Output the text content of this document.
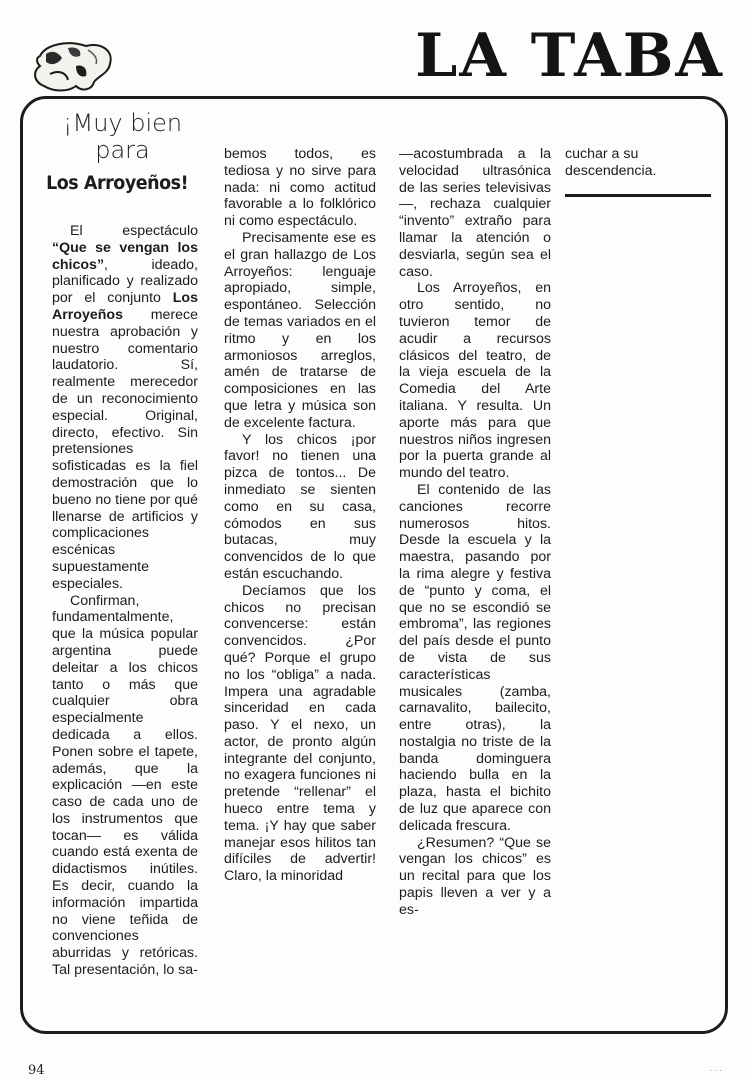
LA TABA

¡Muy bien para

Los Arroyeños!

El espectáculo “Que se vengan los chicos”, ideado, planificado y realizado por el conjunto Los Arroyeños merece nuestra aprobación y nuestro comentario laudatorio. Sí, realmente merecedor de un reconocimiento especial. Original, directo, efectivo. Sin pretensiones sofisticadas es la fiel demostración que lo bueno no tiene por qué llenarse de artificios y complicaciones escénicas supuestamente especiales.

Confirman, fundamentalmente, que la música popular argentina puede deleitar a los chicos tanto o más que cualquier obra especialmente dedicada a ellos. Ponen sobre el tapete, además, que la explicación —en este caso de cada uno de los instrumentos que tocan— es válida cuando está exenta de didactismos inútiles. Es decir, cuando la información impartida no viene teñida de convenciones aburridas y retóricas. Tal presentación, lo sa-

bemos todos, es tediosa y no sirve para nada: ni como actitud favorable a lo folklórico ni como espectáculo.

Precisamente ese es el gran hallazgo de Los Arroyeños: lenguaje apropiado, simple, espontáneo. Selección de temas variados en el ritmo y en los armoniosos arreglos, amén de tratarse de composiciones en las que letra y música son de excelente factura.

Y los chicos ¡por favor! no tienen una pizca de tontos... De inmediato se sienten como en su casa, cómodos en sus butacas, muy convencidos de lo que están escuchando.

Decíamos que los chicos no precisan convencerse: están convencidos. ¿Por qué? Porque el grupo no los “obliga” a nada. Impera una agradable sinceridad en cada paso. Y el nexo, un actor, de pronto algún integrante del conjunto, no exagera funciones ni pretende “rellenar” el hueco entre tema y tema. ¡Y hay que saber manejar esos hilitos tan difíciles de advertir! Claro, la minoridad

—acostumbrada a la velocidad ultrasónica de las series televisivas—, rechaza cualquier “invento” extraño para llamar la atención o desviarla, según sea el caso.

Los Arroyeños, en otro sentido, no tuvieron temor de acudir a recursos clásicos del teatro, de la vieja escuela de la Comedia del Arte italiana. Y resulta. Un aporte más para que nuestros niños ingresen por la puerta grande al mundo del teatro.

El contenido de las canciones recorre numerosos hitos. Desde la escuela y la maestra, pasando por la rima alegre y festiva de “punto y coma, el que no se escondió se embroma”, las regiones del país desde el punto de vista de sus características musicales (zamba, carnavalito, bailecito, entre otras), la nostalgia no triste de la banda dominguera haciendo bulla en la plaza, hasta el bichito de luz que aparece con delicada frescura.

¿Resumen? “Que se vengan los chicos” es un recital para que los papis lleven a ver y a es-

cuchar a su descendencia.

94	· · ·
